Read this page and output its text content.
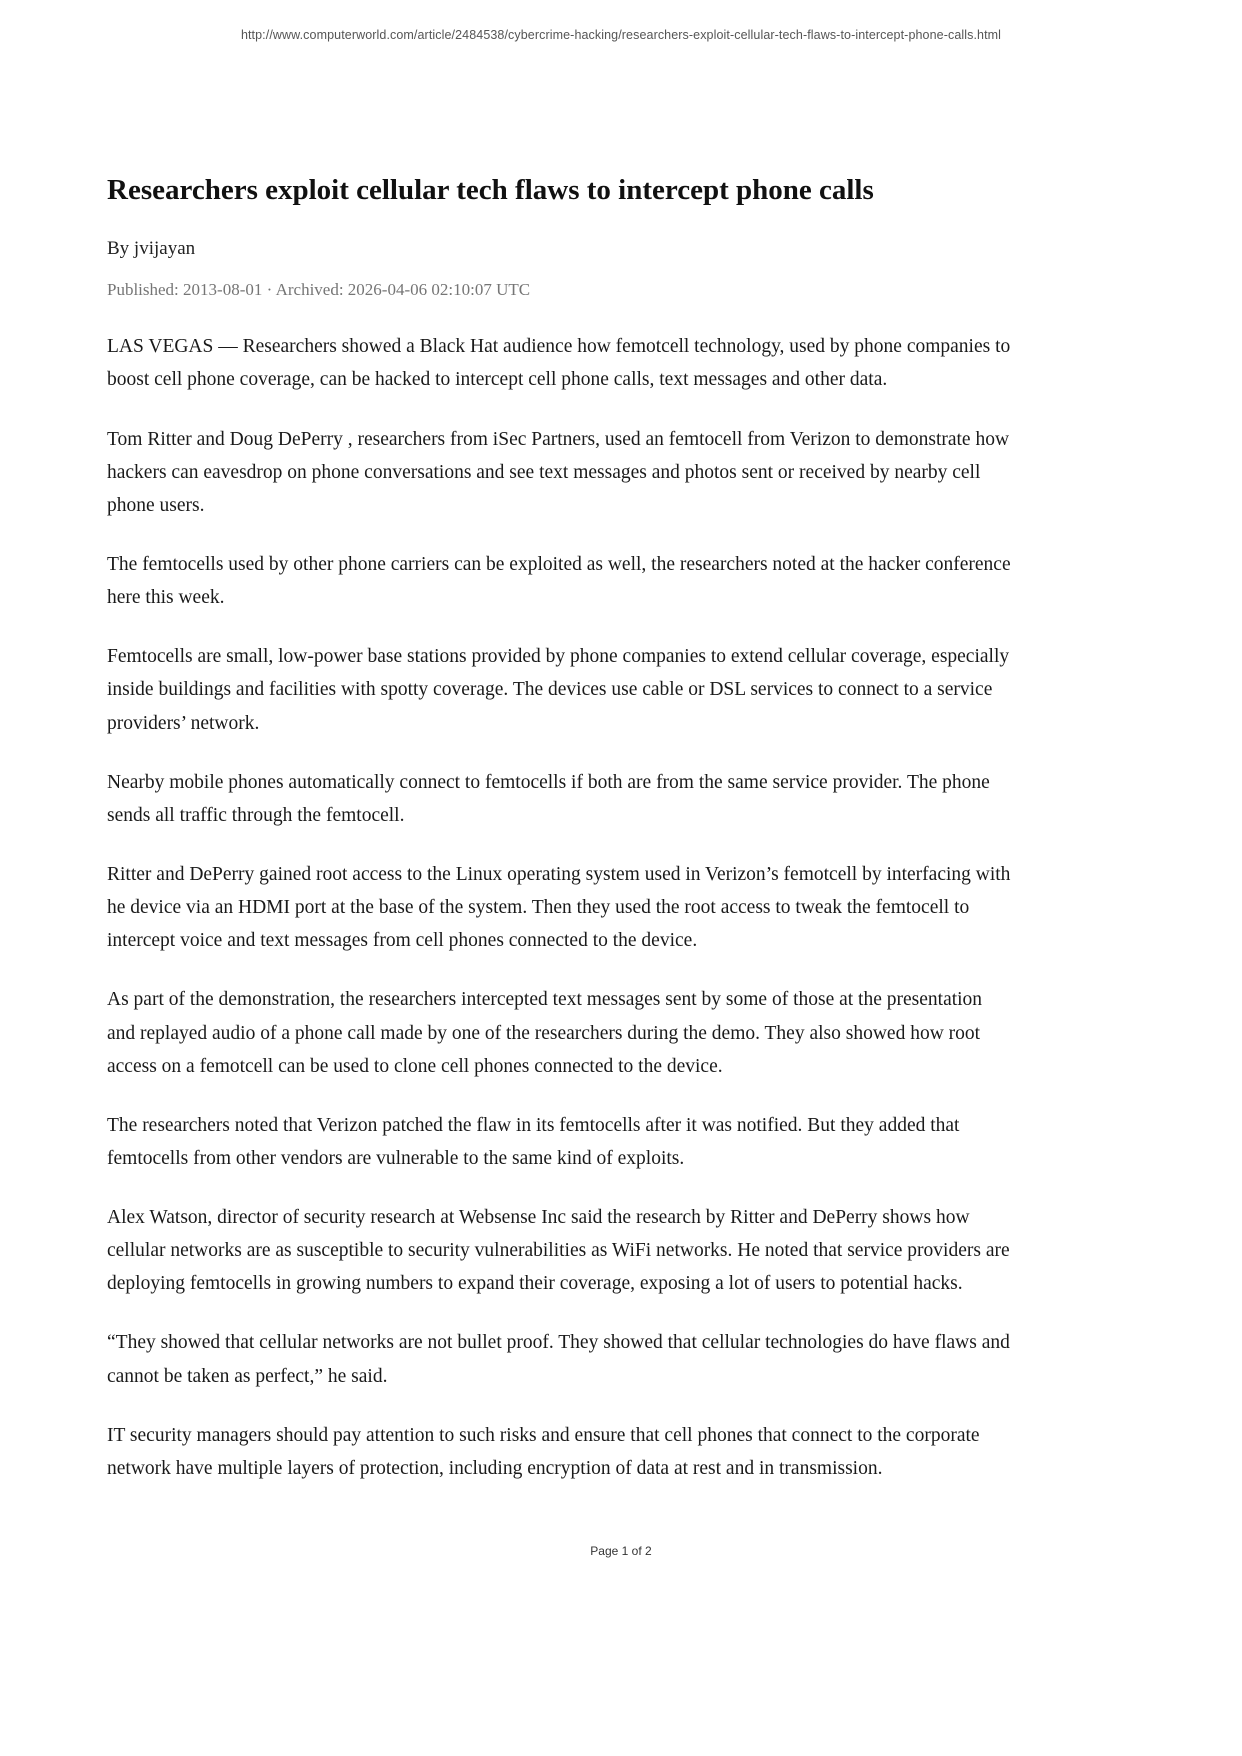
http://www.computerworld.com/article/2484538/cybercrime-hacking/researchers-exploit-cellular-tech-flaws-to-intercept-phone-calls.html
Researchers exploit cellular tech flaws to intercept phone calls
By jvijayan
Published: 2013-08-01 · Archived: 2026-04-06 02:10:07 UTC

LAS VEGAS — Researchers showed a Black Hat audience how femotcell technology, used by phone companies to boost cell phone coverage, can be hacked to intercept cell phone calls, text messages and other data.

Tom Ritter and Doug DePerry , researchers from iSec Partners, used an femtocell from Verizon to demonstrate how hackers can eavesdrop on phone conversations and see text messages and photos sent or received by nearby cell phone users.

The femtocells used by other phone carriers can be exploited as well, the researchers noted at the hacker conference here this week.

Femtocells are small, low-power base stations provided by phone companies to extend cellular coverage, especially inside buildings and facilities with spotty coverage. The devices use cable or DSL services to connect to a service providers’ network.

Nearby mobile phones automatically connect to femtocells if both are from the same service provider. The phone sends all traffic through the femtocell.

Ritter and DePerry gained root access to the Linux operating system used in Verizon’s femotcell by interfacing with he device via an HDMI port at the base of the system. Then they used the root access to tweak the femtocell to intercept voice and text messages from cell phones connected to the device.

As part of the demonstration, the researchers intercepted text messages sent by some of those at the presentation and replayed audio of a phone call made by one of the researchers during the demo. They also showed how root access on a femotcell can be used to clone cell phones connected to the device.

The researchers noted that Verizon patched the flaw in its femtocells after it was notified. But they added that femtocells from other vendors are vulnerable to the same kind of exploits.

Alex Watson, director of security research at Websense Inc said the research by Ritter and DePerry shows how cellular networks are as susceptible to security vulnerabilities as WiFi networks. He noted that service providers are deploying femtocells in growing numbers to expand their coverage, exposing a lot of users to potential hacks.

“They showed that cellular networks are not bullet proof. They showed that cellular technologies do have flaws and cannot be taken as perfect,” he said.

IT security managers should pay attention to such risks and ensure that cell phones that connect to the corporate network have multiple layers of protection, including encryption of data at rest and in transmission.

Page 1 of 2
